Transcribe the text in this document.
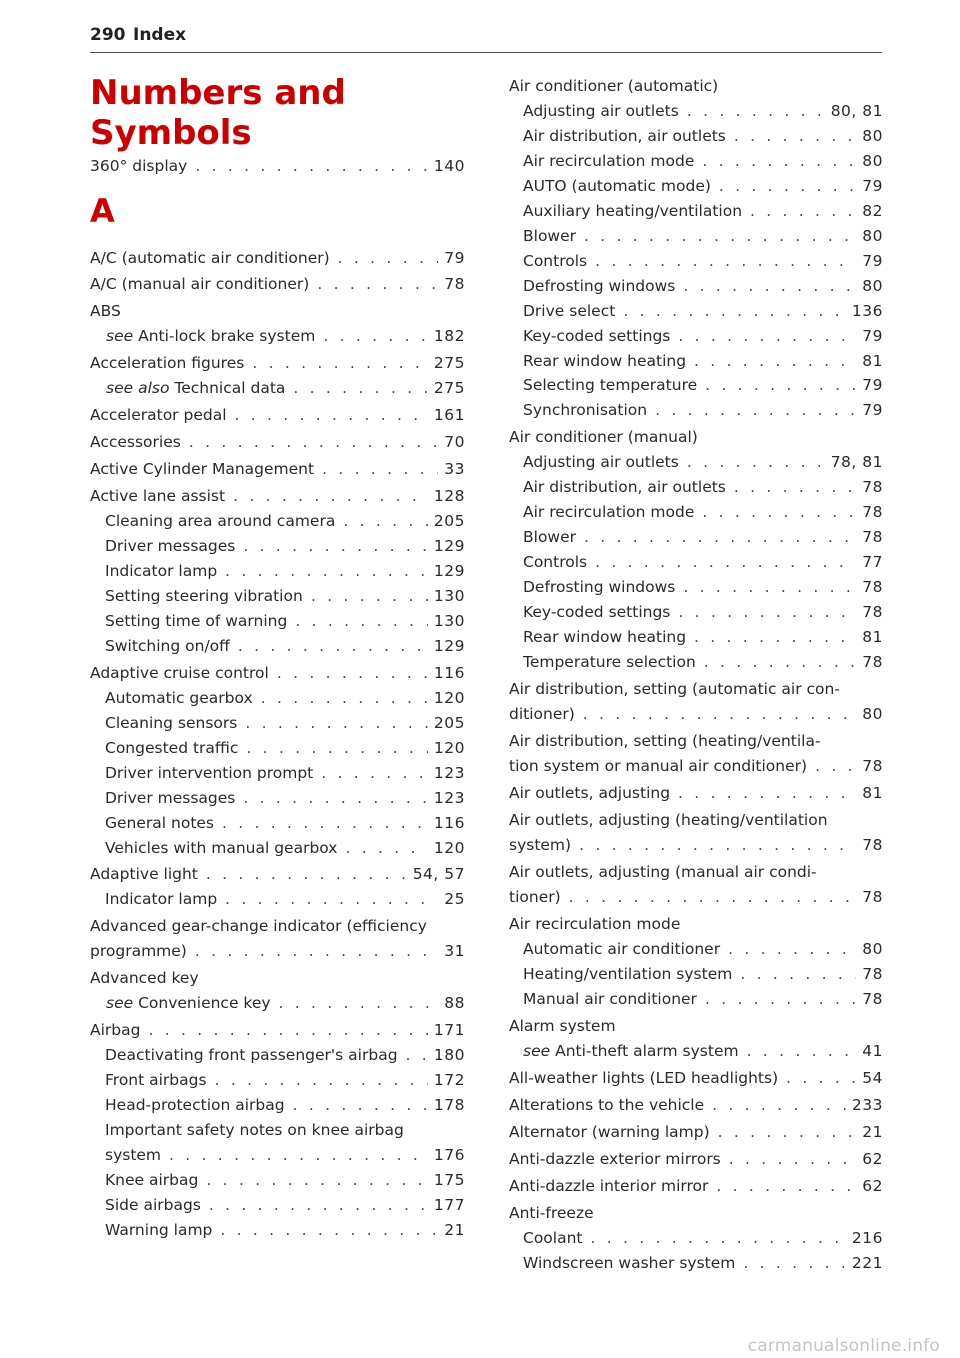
290 Index
Numbers and
Symbols
A
360° display . . .	140
A/C (automatic air conditioner) . . .	79
A/C (manual air conditioner) . . .	78
ABS
see Anti-lock brake system . . .	182
Acceleration figures . . .	275
see also Technical data . . .	275
Accelerator pedal . . .	161
Accessories . . .	70
Active Cylinder Management . . .	33
Active lane assist . . .	128
Cleaning area around camera . . .	205
Driver messages . . .	129
Indicator lamp . . .	129
Setting steering vibration . . .	130
Setting time of warning . . .	130
Switching on/off . . .	129
Adaptive cruise control . . .	116
Automatic gearbox . . .	120
Cleaning sensors . . .	205
Congested traffic . . .	120
Driver intervention prompt . . .	123
Driver messages . . .	123
General notes . . .	116
Vehicles with manual gearbox . . .	120
Adaptive light . . .	54, 57
Indicator lamp . . .	25
Advanced gear-change indicator (efficiency
programme) . . .	31
Advanced key
see Convenience key . . .	88
Airbag . . .	171
Deactivating front passenger's airbag . . . 180
Front airbags . . .	172
Head-protection airbag . . .	178
Important safety notes on knee airbag
system . . .	176
Knee airbag . . .	175
Side airbags . . .	177
Warning lamp . . .	21
Air conditioner (automatic)
Adjusting air outlets . . .	80, 81
Air distribution, air outlets . . .	80
Air recirculation mode . . .	80
AUTO (automatic mode) . . .	79
Auxiliary heating/ventilation . . .	82
Blower . . .	80
Controls . . .	79
Defrosting windows . . .	80
Drive select . . .	136
Key-coded settings . . .	79
Rear window heating . . .	81
Selecting temperature . . .	79
Synchronisation . . .	79
Air conditioner (manual)
Adjusting air outlets . . .	78, 81
Air distribution, air outlets . . .	78
Air recirculation mode . . .	78
Blower . . .	78
Controls . . .	77
Defrosting windows . . .	78
Key-coded settings . . .	78
Rear window heating . . .	81
Temperature selection . . .	78
Air distribution, setting (automatic air con-
ditioner) . . .	80
Air distribution, setting (heating/ventila-
tion system or manual air conditioner) . . .	78
Air outlets, adjusting . . .	81
Air outlets, adjusting (heating/ventilation
system) . . .	78
Air outlets, adjusting (manual air condi-
tioner) . . .	78
Air recirculation mode
Automatic air conditioner . . .	80
Heating/ventilation system . . .	78
Manual air conditioner . . .	78
Alarm system
see Anti-theft alarm system . . .	41
All-weather lights (LED headlights) . . .	54
Alterations to the vehicle . . .	233
Alternator (warning lamp) . . .	21
Anti-dazzle exterior mirrors . . .	62
Anti-dazzle interior mirror . . .	62
Anti-freeze
Coolant . . .	216
Windscreen washer system . . .	221
carmanualsonline.info
